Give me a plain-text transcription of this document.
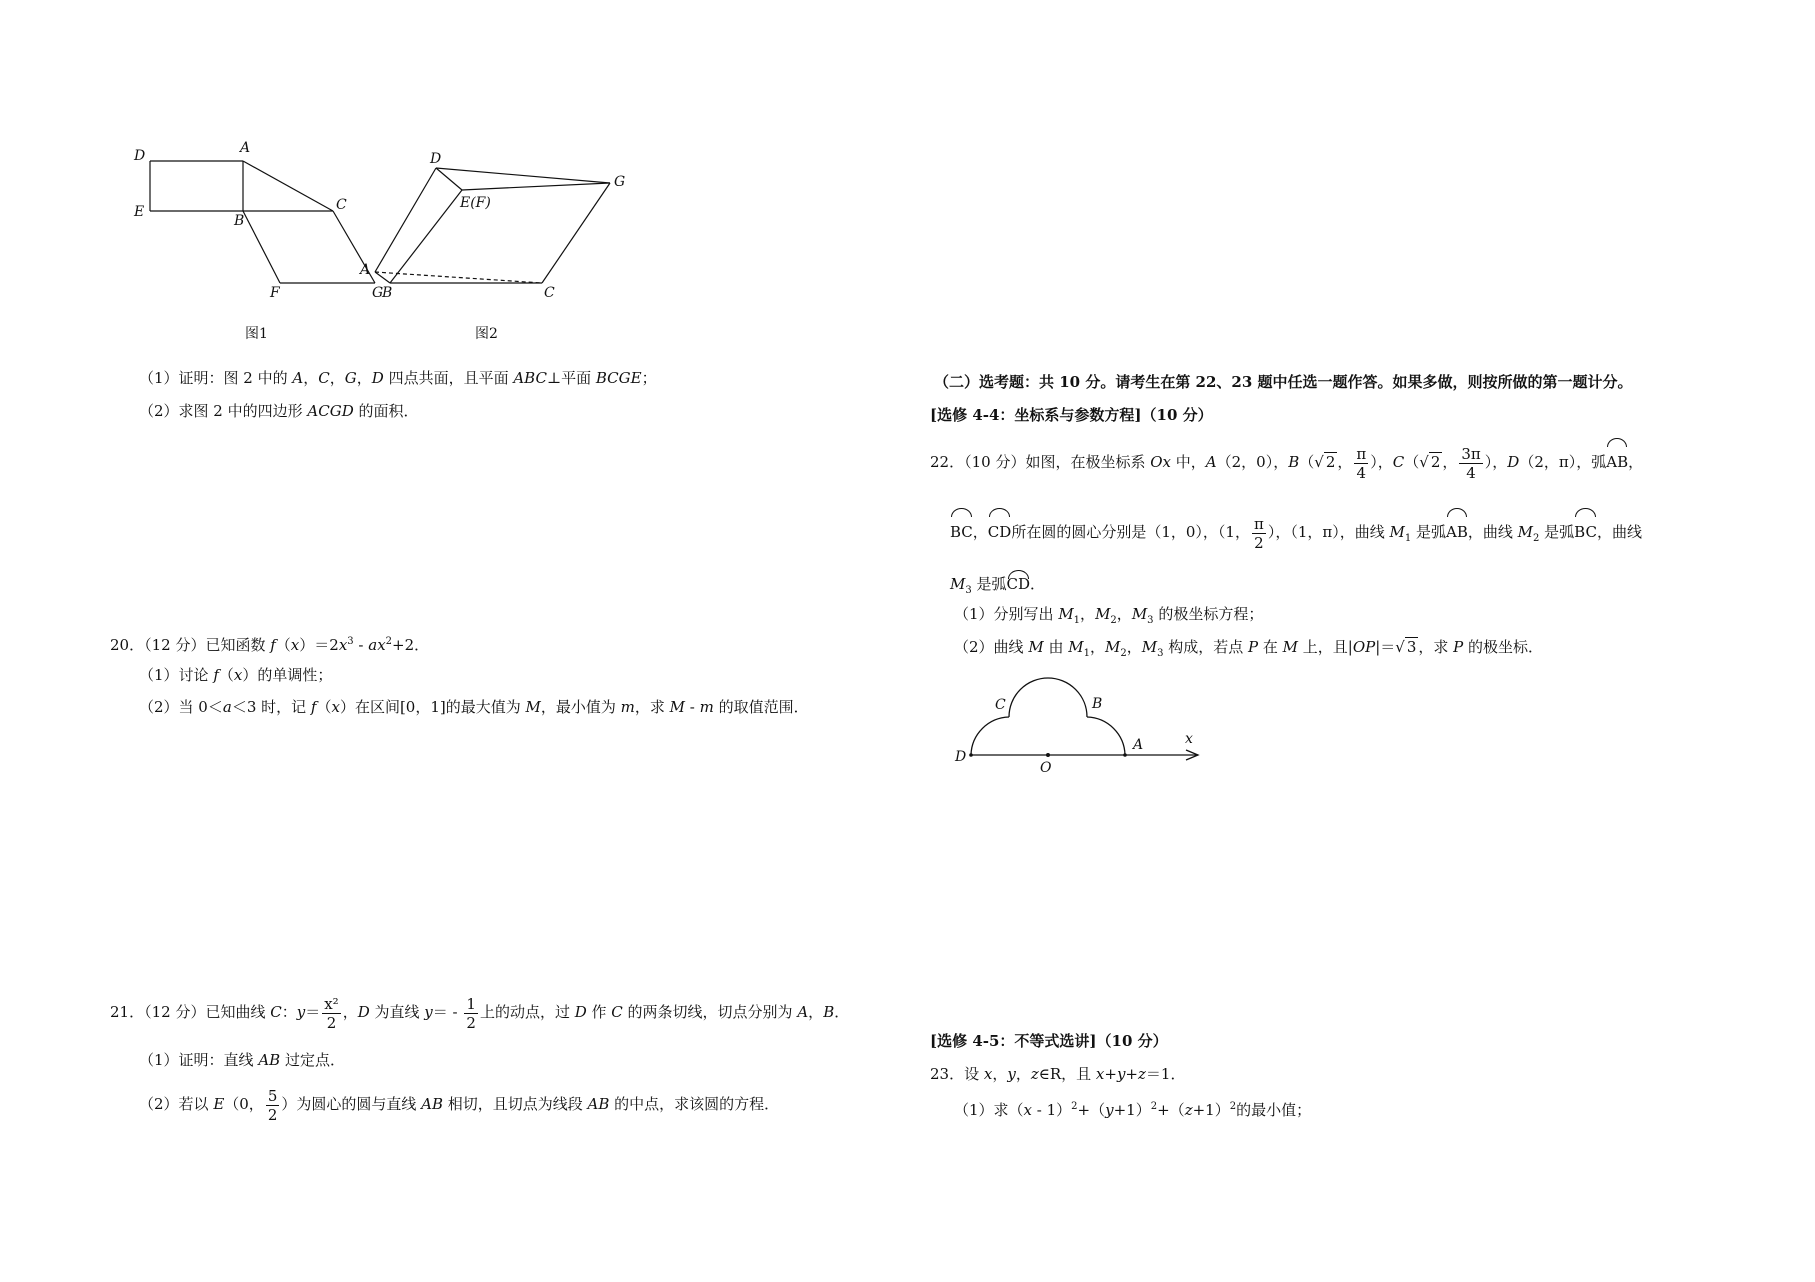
D	A
E
B
C
F	G
图1
D
G
E(F)
A
B	C
图2
（1）证明：图 2 中的 A，C，G，D 四点共面，且平面 ABC⊥平面 BCGE；
（2）求图 2 中的四边形 ACGD 的面积．
20．（12 分）已知函数 $f(x)=2x^3 - ax^2+2$．
（1）讨论 f（x）的单调性；
（2）当 0＜a＜3 时，记 f（x）在区间[0，1]的最大值为 M，最小值为 m，求 M - m 的取值范围．
21．（12 分）已知曲线 C：$y= \frac{\text{x²}}{2}$ ，D 为直线 $y= - \frac{1}{2}$ 上的动点，过 D 作 C 的两条切线，切点分别为 A，B．
（1）证明：直线 AB 过定点．
（2）若以 E（0， $\frac{5}{2}$ ）为圆心的圆与直线 AB 相切，且切点为线段 AB 的中点，求该圆的方程．
（二）选考题：共 10 分。请考生在第 22、23 题中任选一题作答。如果多做，则按所做的第一题计分。
[选修 4-4：坐标系与参数方程]（10 分）
22．（10 分）如图，在极坐标系 Ox 中，A（2，0），B（√ 2 ， $\frac{\pi}{4}$ ），C（√ 2 ， $\frac{3\pi}{4}$ ），D（2，π），弧AB，
BC，CD所在圆的圆心分别是（1，0），（1， $\frac{\pi}{2}$ ），（1，π），曲线 $M_1$ 是弧AB，曲线 $M_2$ 是弧BC，曲线
$M_3$ 是弧CD．
（1）分别写出 $M_1$，$M_2$，$M_3$ 的极坐标方程；
（2）曲线 M 由 $M_1$，$M_2$，$M_3$ 构成，若点 P 在 M 上，且|OP|＝√ 3 ，求 P 的极坐标．
C	B
D
O
A	x
[选修 4-5：不等式选讲]（10 分）
23．设 x，y，z∈R，且 x+y+z＝1．
（1）求$(x - 1)^2+(y+1)^2+(z+1)^2$的最小值；
